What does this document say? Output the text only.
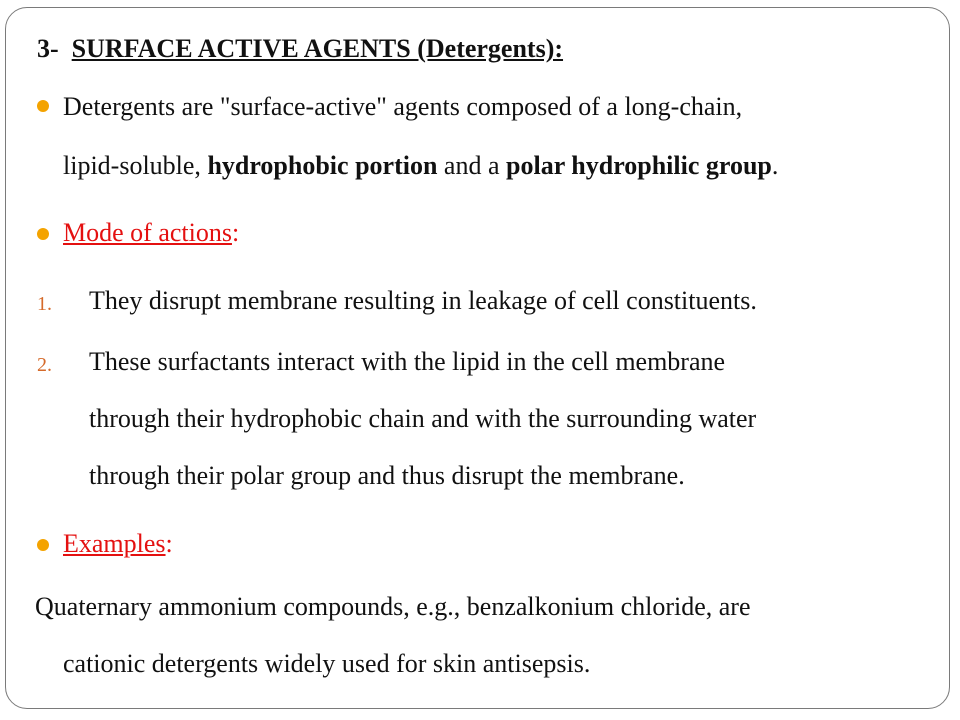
3- SURFACE ACTIVE AGENTS (Detergents):
Detergents are "surface-active" agents composed of a long-chain,
lipid-soluble, hydrophobic portion and a polar hydrophilic group.
Mode of actions:
1. They disrupt membrane resulting in leakage of cell constituents.
2. These surfactants interact with the lipid in the cell membrane
through their hydrophobic chain and with the surrounding water
through their polar group and thus disrupt the membrane.
Examples:
Quaternary ammonium compounds, e.g., benzalkonium chloride, are
cationic detergents widely used for skin antisepsis.
